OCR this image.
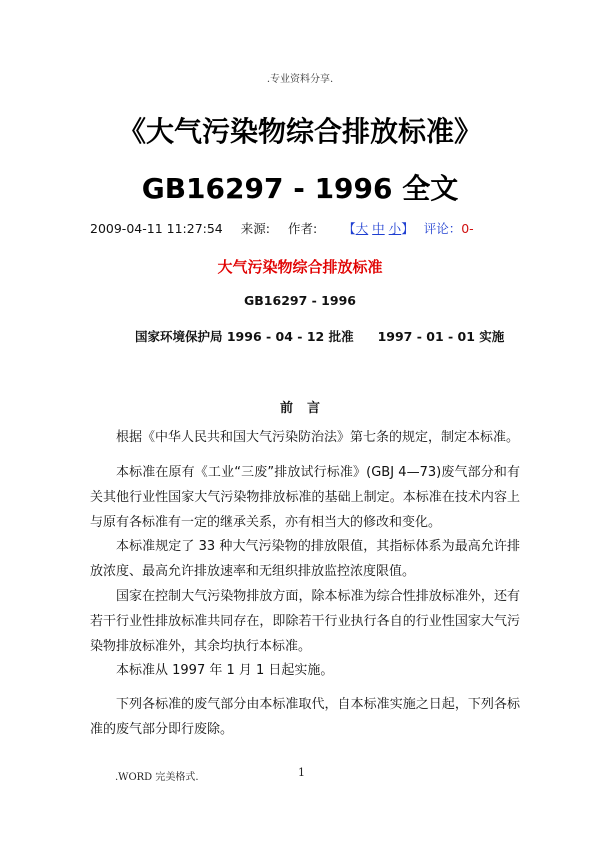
.专业资料分享.
《大气污染物综合排放标准》
GB16297 - 1996 全文
2009-04-11 11:27:54 来源: 作者: 【大 中 小】 评论：0-
大气污染物综合排放标准
GB16297 - 1996
国家环境保护局 1996 - 04 - 12 批准 1997 - 01 - 01 实施
前言

根据《中华人民共和国大气污染防治法》第七条的规定，制定本标准。

本标准在原有《工业“三废”排放试行标准》(GBJ 4—73)废气部分和有关其他行业性国家大气污染物排放标准的基础上制定。本标准在技术内容上与原有各标准有一定的继承关系，亦有相当大的修改和变化。

本标准规定了 33 种大气污染物的排放限值，其指标体系为最高允许排放浓度、最高允许排放速率和无组织排放监控浓度限值。

国家在控制大气污染物排放方面，除本标准为综合性排放标准外，还有若干行业性排放标准共同存在，即除若干行业执行各自的行业性国家大气污染物排放标准外，其余均执行本标准。

本标准从 1997 年 1 月 1 日起实施。

下列各标准的废气部分由本标准取代，自本标准实施之日起，下列各标准的废气部分即行废除。

.WORD 完美格式.	1
